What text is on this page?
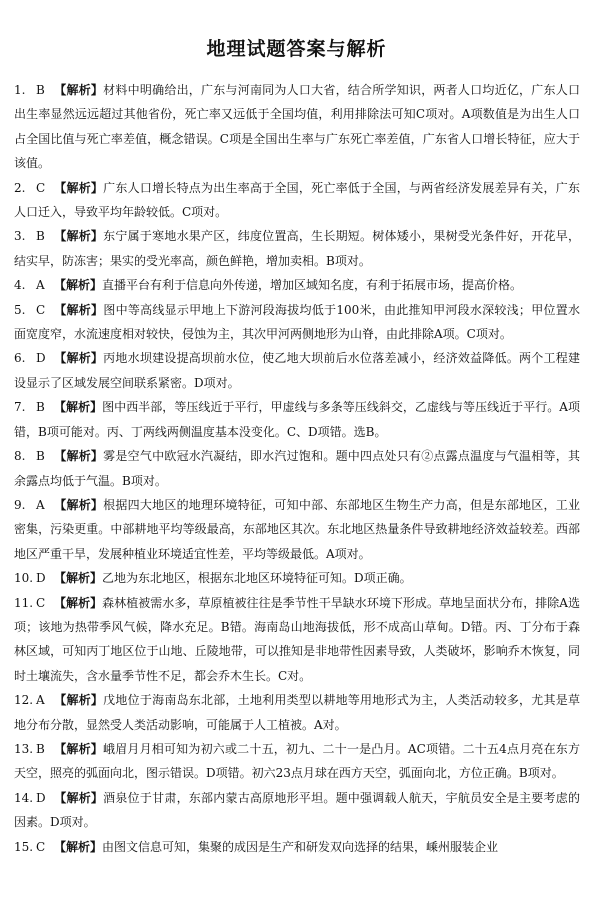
地理试题答案与解析
1. B 【解析】材料中明确给出，广东与河南同为人口大省，结合所学知识，两者人口均近亿，广东人口出生率显然远远超过其他省份，死亡率又远低于全国均值，利用排除法可知C项对。A项数值是为出生人口占全国比值与死亡率差值，概念错误。C项是全国出生率与广东死亡率差值，广东省人口增长特征，应大于该值。
2. C 【解析】广东人口增长特点为出生率高于全国，死亡率低于全国，与两省经济发展差异有关，广东人口迁入，导致平均年龄较低。C项对。
3. B 【解析】东宁属于寒地水果产区，纬度位置高，生长期短。树体矮小，果树受光条件好，开花早，结实早，防冻害；果实的受光率高，颜色鲜艳，增加卖相。B项对。
4. A 【解析】直播平台有利于信息向外传递，增加区域知名度，有利于拓展市场，提高价格。
5. C 【解析】图中等高线显示甲地上下游河段海拔均低于100米，由此推知甲河段水深较浅；甲位置水面宽度窄，水流速度相对较快，侵蚀为主，其次甲河两侧地形为山脊，由此排除A项。C项对。
6. D 【解析】丙地水坝建设提高坝前水位，使乙地大坝前后水位落差减小，经济效益降低。两个工程建设显示了区域发展空间联系紧密。D项对。
7. B 【解析】图中西半部，等压线近于平行，甲虚线与多条等压线斜交，乙虚线与等压线近于平行。A项错，B项可能对。丙、丁两线两侧温度基本没变化。C、D项错。选B。
8. B 【解析】雾是空气中欧冠水汽凝结，即水汽过饱和。题中四点处只有②点露点温度与气温相等，其余露点均低于气温。B项对。
9. A 【解析】根据四大地区的地理环境特征，可知中部、东部地区生物生产力高，但是东部地区，工业密集，污染更重。中部耕地平均等级最高，东部地区其次。东北地区热量条件导致耕地经济效益较差。西部地区严重干旱，发展种植业环境适宜性差，平均等级最低。A项对。
10. D 【解析】乙地为东北地区，根据东北地区环境特征可知。D项正确。
11. C 【解析】森林植被需水多，草原植被往往是季节性干旱缺水环境下形成。草地呈面状分布，排除A选项；该地为热带季风气候，降水充足。B错。海南岛山地海拔低，形不成高山草甸。D错。丙、丁分布于森林区域，可知丙丁地区位于山地、丘陵地带，可以推知是非地带性因素导致，人类破坏，影响乔木恢复，同时土壤流失，含水量季节性不足，都会乔木生长。C对。
12. A 【解析】戊地位于海南岛东北部，土地利用类型以耕地等用地形式为主，人类活动较多，尤其是草地分布分散，显然受人类活动影响，可能属于人工植被。A对。
13. B 【解析】峨眉月月相可知为初六或二十五，初九、二十一是凸月。AC项错。二十五4点月亮在东方天空，照亮的弧面向北，图示错误。D项错。初六23点月球在西方天空，弧面向北，方位正确。B项对。
14. D 【解析】酒泉位于甘肃，东部内蒙古高原地形平坦。题中强调载人航天，宇航员安全是主要考虑的因素。D项对。
15. C 【解析】由图文信息可知，集聚的成因是生产和研发双向选择的结果，嵊州服装企业
